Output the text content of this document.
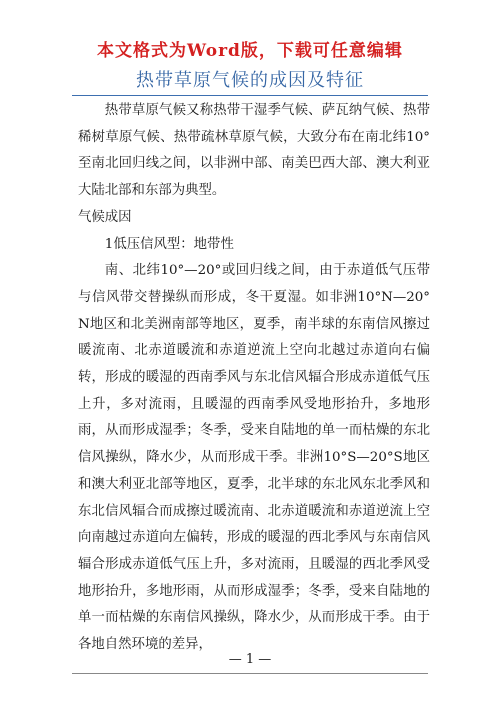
本文格式为Word版，下载可任意编辑
热带草原气候的成因及特征

热带草原气候又称热带干湿季气候、萨瓦纳气候、热带稀树草原气候、热带疏林草原气候，大致分布在南北纬10°至南北回归线之间，以非洲中部、南美巴西大部、澳大利亚大陆北部和东部为典型。

气候成因

1低压信风型：地带性

南、北纬10°—20°或回归线之间，由于赤道低气压带与信风带交替操纵而形成，冬干夏湿。如非洲10°N—20°N地区和北美洲南部等地区，夏季，南半球的东南信风擦过暖流南、北赤道暖流和赤道逆流上空向北越过赤道向右偏转，形成的暖湿的西南季风与东北信风辐合形成赤道低气压上升，多对流雨，且暖湿的西南季风受地形抬升，多地形雨，从而形成湿季；冬季，受来自陆地的单一而枯燥的东北信风操纵，降水少，从而形成干季。非洲10°S—20°S地区和澳大利亚北部等地区，夏季，北半球的东北风东北季风和东北信风辐合而成擦过暖流南、北赤道暖流和赤道逆流上空向南越过赤道向左偏转，形成的暖湿的西北季风与东南信风辐合形成赤道低气压上升，多对流雨，且暖湿的西北季风受地形抬升，多地形雨，从而形成湿季；冬季，受来自陆地的单一而枯燥的东南信风操纵，降水少，从而形成干季。由于各地自然环境的差异，

— 1 —
